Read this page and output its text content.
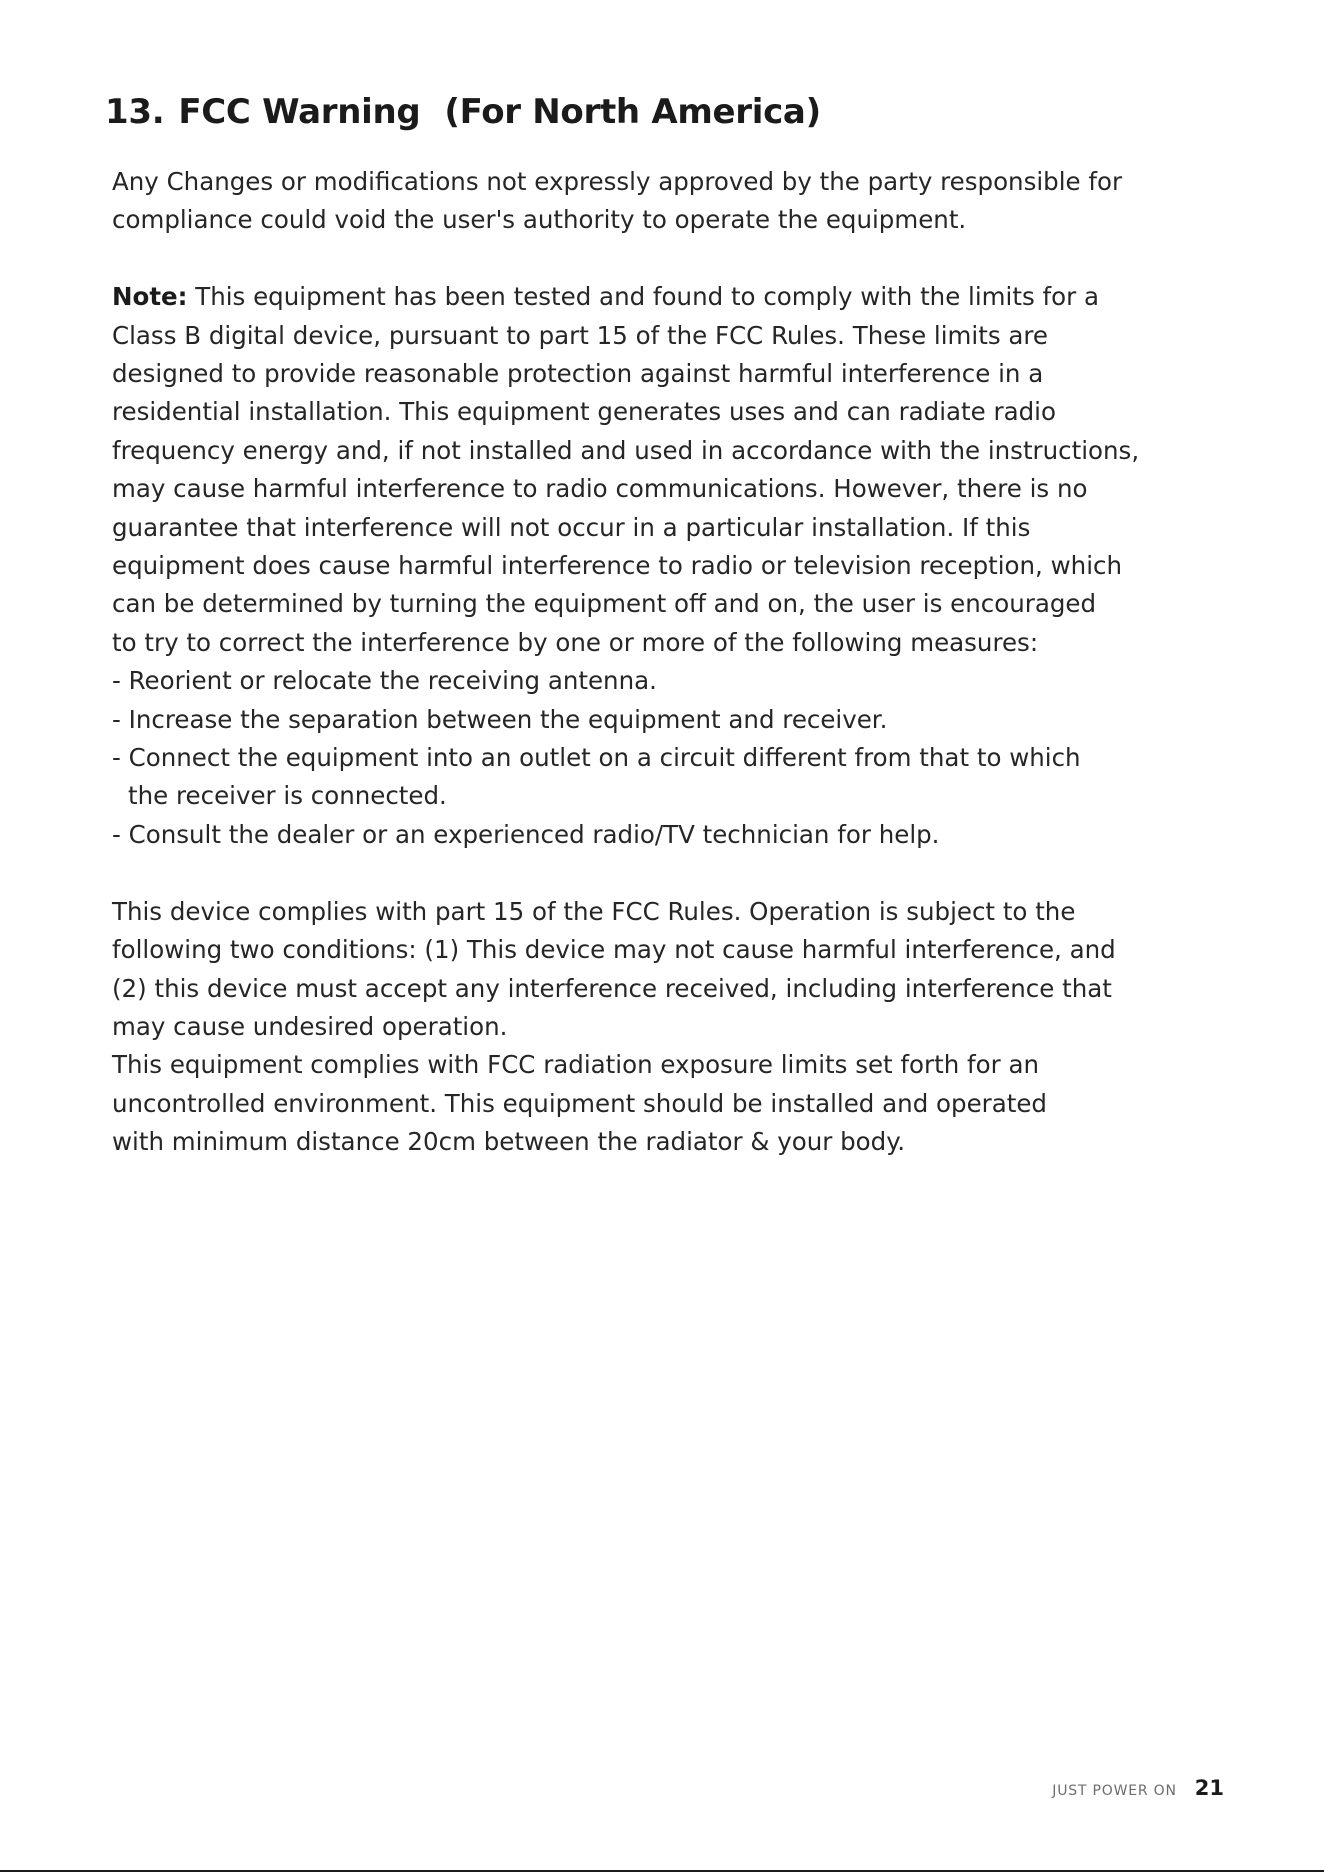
13. FCC Warning (For North America)

Any Changes or modifications not expressly approved by the party responsible for

compliance could void the user's authority to operate the equipment.

Note: This equipment has been tested and found to comply with the limits for a

Class B digital device, pursuant to part 15 of the FCC Rules. These limits are

designed to provide reasonable protection against harmful interference in a

residential installation. This equipment generates uses and can radiate radio

frequency energy and, if not installed and used in accordance with the instructions,

may cause harmful interference to radio communications. However, there is no

guarantee that interference will not occur in a particular installation. If this

equipment does cause harmful interference to radio or television reception, which

can be determined by turning the equipment off and on, the user is encouraged

to try to correct the interference by one or more of the following measures:

- Reorient or relocate the receiving antenna.

- Increase the separation between the equipment and receiver.

- Connect the equipment into an outlet on a circuit different from that to which

the receiver is connected.

- Consult the dealer or an experienced radio/TV technician for help.

This device complies with part 15 of the FCC Rules. Operation is subject to the

following two conditions: (1) This device may not cause harmful interference, and

(2) this device must accept any interference received, including interference that

may cause undesired operation.

This equipment complies with FCC radiation exposure limits set forth for an

uncontrolled environment. This equipment should be installed and operated

with minimum distance 20cm between the radiator & your body.

JUST POWER ON 21
